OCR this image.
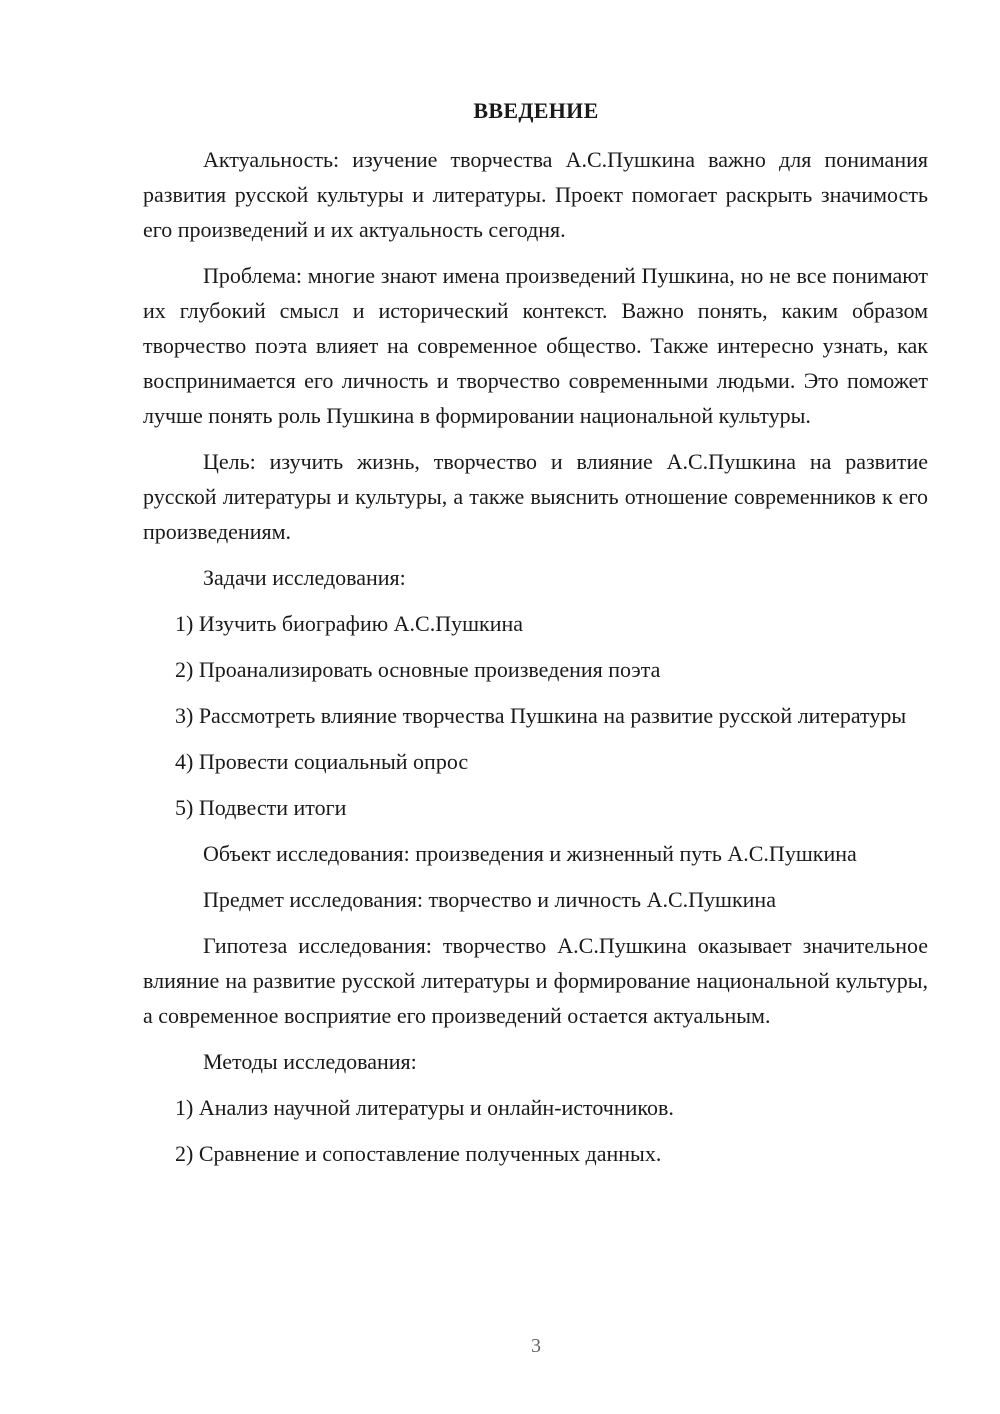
ВВЕДЕНИЕ

Актуальность: изучение творчества А.С.Пушкина важно для понимания развития русской культуры и литературы. Проект помогает раскрыть значимость его произведений и их актуальность сегодня.

Проблема: многие знают имена произведений Пушкина, но не все понимают их глубокий смысл и исторический контекст. Важно понять, каким образом творчество поэта влияет на современное общество. Также интересно узнать, как воспринимается его личность и творчество современными людьми. Это поможет лучше понять роль Пушкина в формировании национальной культуры.

Цель: изучить жизнь, творчество и влияние А.С.Пушкина на развитие русской литературы и культуры, а также выяснить отношение современников к его произведениям.

Задачи исследования:

1) Изучить биографию А.С.Пушкина

2) Проанализировать основные произведения поэта

3) Рассмотреть влияние творчества Пушкина на развитие русской литературы

4) Провести социальный опрос

5) Подвести итоги

Объект исследования: произведения и жизненный путь А.С.Пушкина

Предмет исследования: творчество и личность А.С.Пушкина

Гипотеза исследования: творчество А.С.Пушкина оказывает значительное влияние на развитие русской литературы и формирование национальной культуры, а современное восприятие его произведений остается актуальным.

Методы исследования:

1) Анализ научной литературы и онлайн-источников.

2) Сравнение и сопоставление полученных данных.

3
